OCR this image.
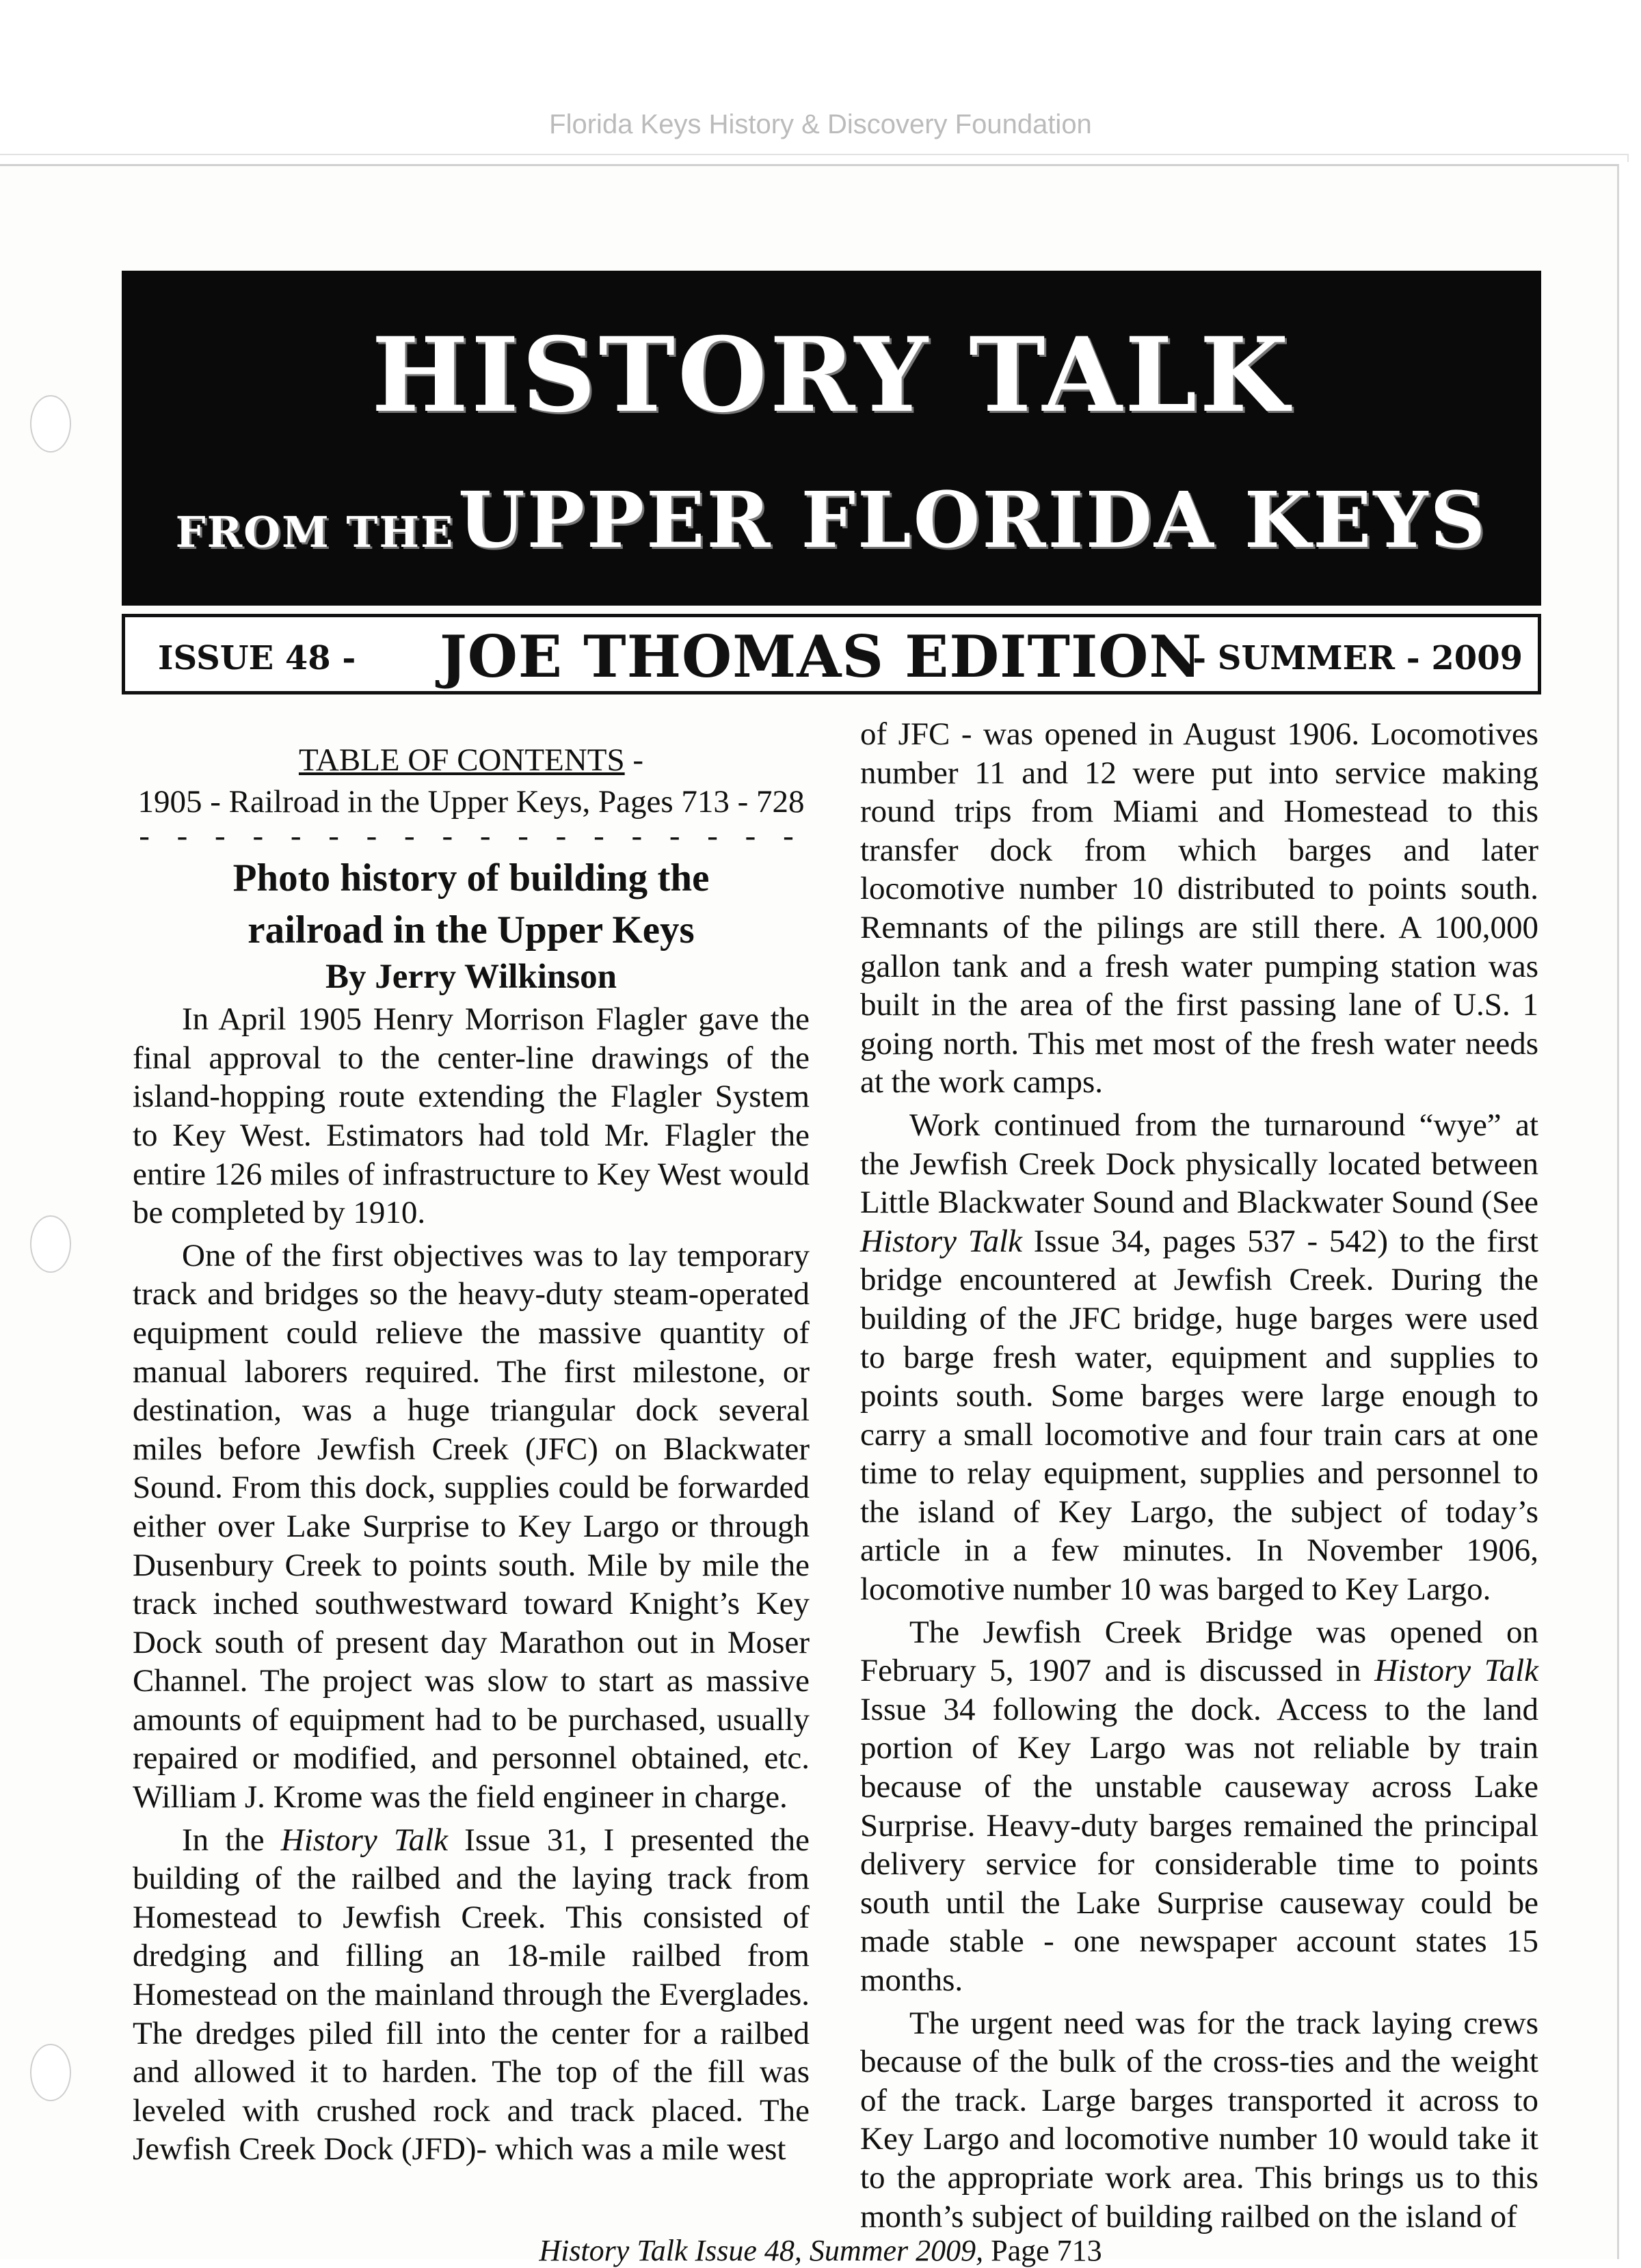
Florida Keys History & Discovery Foundation
HISTORY TALK
FROM THE UPPER FLORIDA KEYS
ISSUE 48 - JOE THOMAS EDITION
- SUMMER - 2009
TABLE OF CONTENTS -
1905 - Railroad in the Upper Keys, Pages 713 - 728
- - - - - - - - - - - - - - - - - -
Photo history of building the railroad in the Upper Keys
By Jerry Wilkinson

In April 1905 Henry Morrison Flagler gave the final approval to the center-line drawings of the island-hopping route extending the Flagler System to Key West. Estimators had told Mr. Flagler the entire 126 miles of infrastructure to Key West would be completed by 1910.

One of the first objectives was to lay temporary track and bridges so the heavy-duty steam-operated equipment could relieve the massive quantity of manual laborers required. The first milestone, or destination, was a huge triangular dock several miles before Jewfish Creek (JFC) on Blackwater Sound. From this dock, supplies could be forwarded either over Lake Surprise to Key Largo or through Dusenbury Creek to points south. Mile by mile the track inched southwestward toward Knight’s Key Dock south of present day Marathon out in Moser Channel. The project was slow to start as massive amounts of equipment had to be purchased, usually repaired or modified, and personnel obtained, etc. William J. Krome was the field engineer in charge.

In the History Talk Issue 31, I presented the building of the railbed and the laying track from Homestead to Jewfish Creek. This consisted of dredging and filling an 18-mile railbed from Homestead on the mainland through the Everglades. The dredges piled fill into the center for a railbed and allowed it to harden. The top of the fill was leveled with crushed rock and track placed. The Jewfish Creek Dock (JFD)- which was a mile west

of JFC - was opened in August 1906. Locomotives number 11 and 12 were put into service making round trips from Miami and Homestead to this transfer dock from which barges and later locomotive number 10 distributed to points south. Remnants of the pilings are still there. A 100,000 gallon tank and a fresh water pumping station was built in the area of the first passing lane of U.S. 1 going north. This met most of the fresh water needs at the work camps.

Work continued from the turnaround “wye” at the Jewfish Creek Dock physically located between Little Blackwater Sound and Blackwater Sound (See History Talk Issue 34, pages 537 - 542) to the first bridge encountered at Jewfish Creek. During the building of the JFC bridge, huge barges were used to barge fresh water, equipment and supplies to points south. Some barges were large enough to carry a small locomotive and four train cars at one time to relay equipment, supplies and personnel to the island of Key Largo, the subject of today’s article in a few minutes. In November 1906, locomotive number 10 was barged to Key Largo.

The Jewfish Creek Bridge was opened on February 5, 1907 and is discussed in History Talk Issue 34 following the dock. Access to the land portion of Key Largo was not reliable by train because of the unstable causeway across Lake Surprise. Heavy-duty barges remained the principal delivery service for considerable time to points south until the Lake Surprise causeway could be made stable - one newspaper account states 15 months.

The urgent need was for the track laying crews because of the bulk of the cross-ties and the weight of the track. Large barges transported it across to Key Largo and locomotive number 10 would take it to the appropriate work area. This brings us to this month’s subject of building railbed on the island of

History Talk Issue 48, Summer 2009, Page 713
